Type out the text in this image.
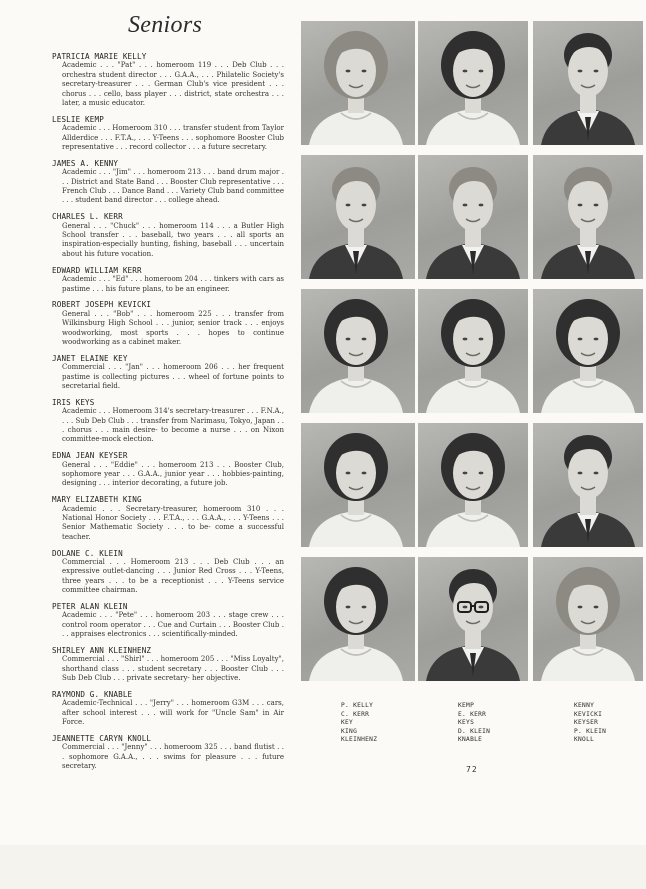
Seniors
PATRICIA MARIE KELLY
Academic . . . "Pat" . . . homeroom 119 . . . Deb Club . . . orchestra student director . . . G.A.A., . . . Philatelic Society's secretary-treasurer . . . German Club's vice president . . . chorus . . . cello, bass player . . . district, state orchestra . . . later, a music educator.
LESLIE KEMP
Academic . . . Homeroom 310 . . . transfer student from Taylor Allderdice . . . F.T.A., . . . Y-Teens . . . sophomore Booster Club representative . . . record collector . . . a future secretary.
JAMES A. KENNY
Academic . . . "Jim" . . . homeroom 213 . . . band drum major . . . District and State Band . . . Booster Club representative . . . French Club . . . Dance Band . . . Variety Club band committee . . . student band director . . . college ahead.
CHARLES L. KERR
General . . . "Chuck" . . . homeroom 114 . . . a Butler High School transfer . . . baseball, two years . . . all sports an inspiration-especially hunting, fishing, baseball . . . uncertain about his future vocation.
EDWARD WILLIAM KERR
Academic . . . "Ed" . . . homeroom 204 . . . tinkers with cars as pastime . . . his future plans, to be an engineer.
ROBERT JOSEPH KEVICKI
General . . . "Bob" . . . homeroom 225 . . . transfer from Wilkinsburg High School . . . junior, senior track . . . enjoys woodworking, most sports . . . hopes to continue woodworking as a cabinet maker.
JANET ELAINE KEY
Commercial . . . "Jan" . . . homeroom 206 . . . her frequent pastime is collecting pictures . . . wheel of fortune points to secretarial field.
IRIS KEYS
Academic . . . Homeroom 314's secretary-treasurer . . . F.N.A., . . . Sub Deb Club . . . transfer from Narimasu, Tokyo, Japan . . . chorus . . . main desire- to become a nurse . . . on Nixon committee-mock election.
EDNA JEAN KEYSER
General . . . "Eddie" . . . homeroom 213 . . . Booster Club, sophomore year . . . G.A.A., junior year . . . hobbies-painting, designing . . . interior decorating, a future job.
MARY ELIZABETH KING
Academic . . . Secretary-treasurer, homeroom 310 . . . National Honor Society . . . F.T.A., . . . G.A.A., . . . Y-Teens . . . Senior Mathematic Society . . . to be- come a successful teacher.
DOLANE C. KLEIN
Commercial . . . Homeroom 213 . . . Deb Club . . . an expressive outlet-dancing . . . Junior Red Cross . . . Y-Teens, three years . . . to be a receptionist . . . Y-Teens service committee chairman.
PETER ALAN KLEIN
Academic . . . "Pete" . . . homeroom 203 . . . stage crew . . . control room operator . . . Cue and Curtain . . . Booster Club . . . appraises electronics . . . scientifically-minded.
SHIRLEY ANN KLEINHENZ
Commercial . . . "Shirl" . . . homeroom 205 . . . "Miss Loyalty", shorthand class . . . student secretary . . . Booster Club . . . Sub Deb Club . . . private secretary- her objective.
RAYMOND G. KNABLE
Academic-Technical . . . "Jerry" . . . homeroom G3M . . . cars, after school interest . . . will work for "Uncle Sam" in Air Force.
JEANNETTE CARYN KNOLL
Commercial . . . "Jenny" . . . homeroom 325 . . . band flutist . . . sophomore G.A.A., . . . swims for pleasure . . . future secretary.
P. KELLY
C. KERR
KEY
KING
KLEINHENZ
KEMP
E. KERR
KEYS
D. KLEIN
KNABLE
KENNY
KEVICKI
KEYSER
P. KLEIN
KNOLL
72
